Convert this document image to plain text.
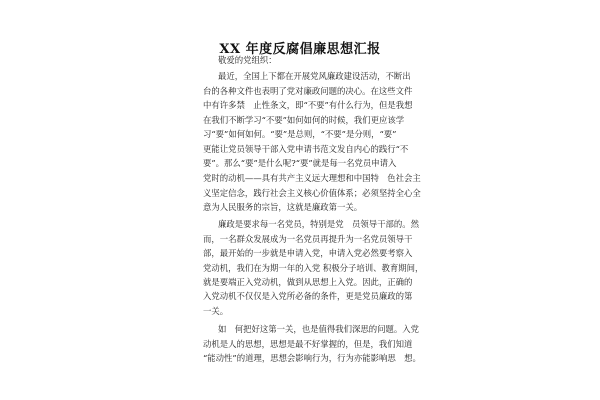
XX 年度反腐倡廉思想汇报
敬爱的党组织：
最近，全国上下都在开展党风廉政建设活动，不断出
台的各种文件也表明了党对廉政问题的决心。在这些文件
中有许多禁　止性条文，即“不要”有什么行为，但是我想
在我们不断学习“不要”如何如何的时候，我们更应该学
习“要”如何如何。“要”是总则，“不要”是分则，“要”
更能让党员领导干部入党申请书范文发自内心的践行“不
要”。那么“要”是什么呢?“要”就是每一名党员申请入
党时的动机——具有共产主义远大理想和中国特　色社会主
义坚定信念，践行社会主义核心价值体系；必须坚持全心全
意为人民服务的宗旨，这就是廉政第一关。
廉政是要求每一名党员，特别是党　员领导干部的。然
而，一名群众发展成为一名党员再提升为一名党员领导干
部，最开始的一步就是申请入党，申请入党必然要考察入
党动机，我们在为期一年的入党 积极分子培训、教育期间，
就是要端正入党动机，做到从思想上入党。因此，正确的
入党动机不仅仅是入党所必备的条件，更是党员廉政的第
一关。
如　何把好这第一关，也是值得我们深思的问题。入党
动机是人的思想，思想是最不好掌握的，但是，我们知道
“能动性”的道理，思想会影响行为，行为亦能影响思　想。
